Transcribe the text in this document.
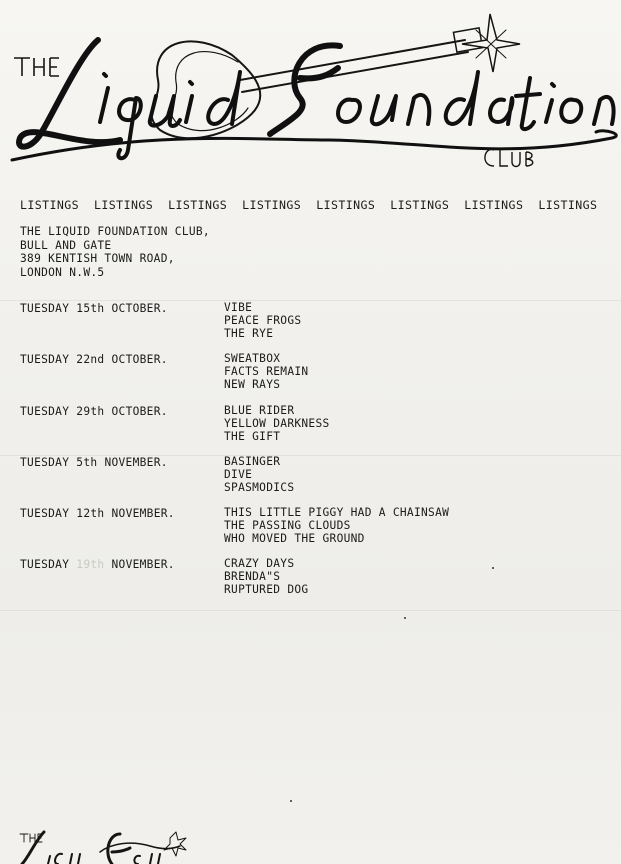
LISTINGS LISTINGS LISTINGS LISTINGS LISTINGS LISTINGS LISTINGS LISTINGS
THE LIQUID FOUNDATION CLUB,
BULL AND GATE
389 KENTISH TOWN ROAD,
LONDON N.W.5
TUESDAY 15th OCTOBER.	VIBE
PEACE FROGS
THE RYE
TUESDAY 22nd OCTOBER.	SWEATBOX
FACTS REMAIN
NEW RAYS
TUESDAY 29th OCTOBER.	BLUE RIDER
YELLOW DARKNESS
THE GIFT
TUESDAY 5th NOVEMBER.	BASINGER
DIVE
SPASMODICS
TUESDAY 12th NOVEMBER.	THIS LITTLE PIGGY HAD A CHAINSAW
THE PASSING CLOUDS
WHO MOVED THE GROUND
TUESDAY 19th NOVEMBER.	CRAZY DAYS
BRENDA"S
RUPTURED DOG
